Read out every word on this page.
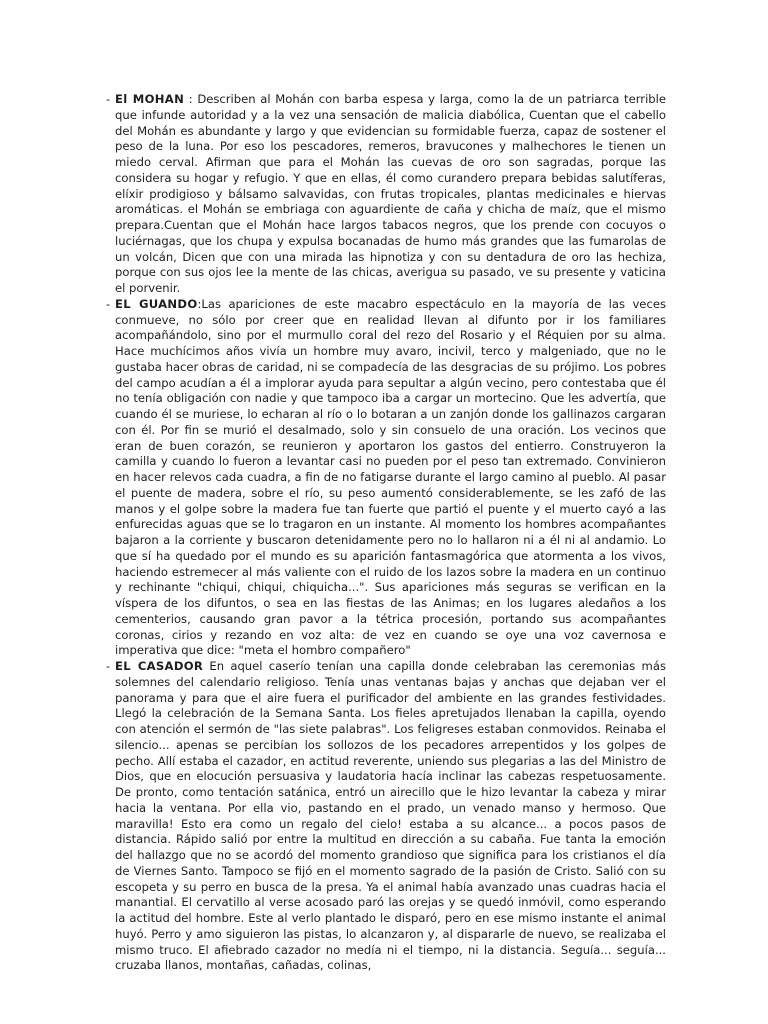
- El MOHAN : Describen al Mohán con barba espesa y larga, como la de un patriarca terrible que infunde autoridad y a la vez una sensación de malicia diabólica, Cuentan que el cabello del Mohán es abundante y largo y que evidencian su formidable fuerza, capaz de sostener el peso de la luna. Por eso los pescadores, remeros, bravucones y malhechores le tienen un miedo cerval. Afirman que para el Mohán las cuevas de oro son sagradas, porque las considera su hogar y refugio. Y que en ellas, él como curandero prepara bebidas salutíferas, elíxir prodigioso y bálsamo salvavidas, con frutas tropicales, plantas medicinales e hiervas aromáticas. el Mohán se embriaga con aguardiente de caña y chicha de maíz, que el mismo prepara.Cuentan que el Mohán hace largos tabacos negros, que los prende con cocuyos o luciérnagas, que los chupa y expulsa bocanadas de humo más grandes que las fumarolas de un volcán, Dicen que con una mirada las hipnotiza y con su dentadura de oro las hechiza, porque con sus ojos lee la mente de las chicas, averigua su pasado, ve su presente y vaticina el porvenir.

- EL GUANDO:Las apariciones de este macabro espectáculo en la mayoría de las veces conmueve, no sólo por creer que en realidad llevan al difunto por ir los familiares acompañándolo, sino por el murmullo coral del rezo del Rosario y el Réquien por su alma. Hace muchícimos años vivía un hombre muy avaro, incivil, terco y malgeniado, que no le gustaba hacer obras de caridad, ni se compadecía de las desgracias de su prójimo. Los pobres del campo acudían a él a implorar ayuda para sepultar a algún vecino, pero contestaba que él no tenía obligación con nadie y que tampoco iba a cargar un mortecino. Que les advertía, que cuando él se muriese, lo echaran al río o lo botaran a un zanjón donde los gallinazos cargaran con él. Por fin se murió el desalmado, solo y sin consuelo de una oración. Los vecinos que eran de buen corazón, se reunieron y aportaron los gastos del entierro. Construyeron la camilla y cuando lo fueron a levantar casi no pueden por el peso tan extremado. Convinieron en hacer relevos cada cuadra, a fin de no fatigarse durante el largo camino al pueblo. Al pasar el puente de madera, sobre el río, su peso aumentó considerablemente, se les zafó de las manos y el golpe sobre la madera fue tan fuerte que partió el puente y el muerto cayó a las enfurecidas aguas que se lo tragaron en un instante. Al momento los hombres acompañantes bajaron a la corriente y buscaron detenidamente pero no lo hallaron ni a él ni al andamio. Lo que sí ha quedado por el mundo es su aparición fantasmagórica que atormenta a los vivos, haciendo estremecer al más valiente con el ruido de los lazos sobre la madera en un continuo y rechinante "chiqui, chiqui, chiquicha...". Sus apariciones más seguras se verifican en la víspera de los difuntos, o sea en las fiestas de las Animas; en los lugares aledaños a los cementerios, causando gran pavor a la tétrica procesión, portando sus acompañantes coronas, cirios y rezando en voz alta: de vez en cuando se oye una voz cavernosa e imperativa que dice: "meta el hombro compañero"

- EL CASADOR En aquel caserío tenían una capilla donde celebraban las ceremonias más solemnes del calendario religioso. Tenía unas ventanas bajas y anchas que dejaban ver el panorama y para que el aire fuera el purificador del ambiente en las grandes festividades. Llegó la celebración de la Semana Santa. Los fieles apretujados llenaban la capilla, oyendo con atención el sermón de "las siete palabras". Los feligreses estaban conmovidos. Reinaba el silencio... apenas se percibían los sollozos de los pecadores arrepentidos y los golpes de pecho. Allí estaba el cazador, en actitud reverente, uniendo sus plegarias a las del Ministro de Dios, que en elocución persuasiva y laudatoria hacía inclinar las cabezas respetuosamente. De pronto, como tentación satánica, entró un airecillo que le hizo levantar la cabeza y mirar hacia la ventana. Por ella vio, pastando en el prado, un venado manso y hermoso. Que maravilla! Esto era como un regalo del cielo! estaba a su alcance... a pocos pasos de distancia. Rápido salió por entre la multitud en dirección a su cabaña. Fue tanta la emoción del hallazgo que no se acordó del momento grandioso que significa para los cristianos el día de Viernes Santo. Tampoco se fijó en el momento sagrado de la pasión de Cristo. Salió con su escopeta y su perro en busca de la presa. Ya el animal había avanzado unas cuadras hacia el manantial. El cervatillo al verse acosado paró las orejas y se quedó inmóvil, como esperando la actitud del hombre. Este al verlo plantado le disparó, pero en ese mismo instante el animal huyó. Perro y amo siguieron las pistas, lo alcanzaron y, al dispararle de nuevo, se realizaba el mismo truco. El afiebrado cazador no medía ni el tiempo, ni la distancia. Seguía... seguía... cruzaba llanos, montañas, cañadas, colinas,
